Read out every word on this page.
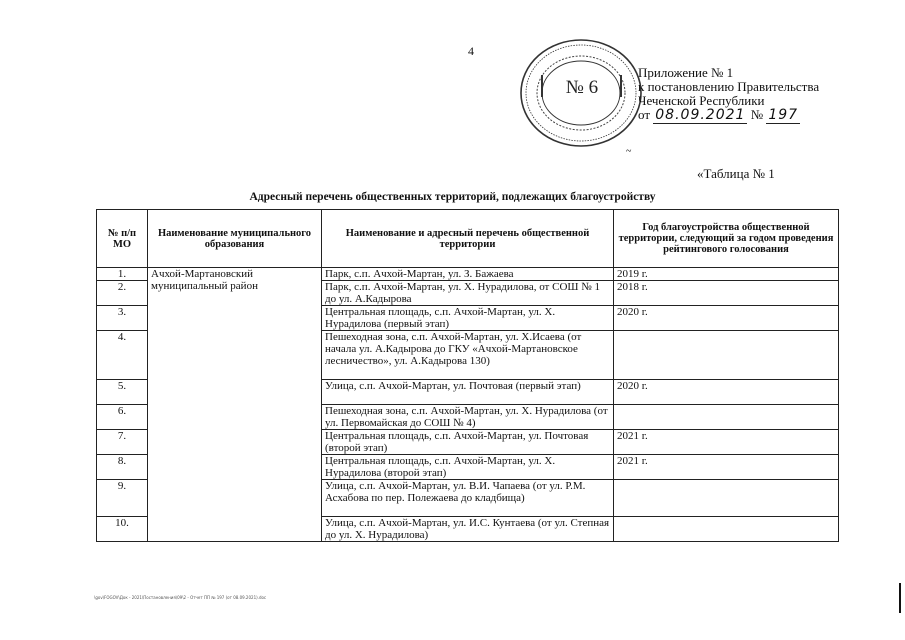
4
№ 6
Приложение № 1
к постановлению Правительства
Чеченской Республики
от 08.09.2021 № 197
~
«Таблица № 1
Адресный перечень общественных территорий, подлежащих благоустройству
№ п/п МО	Наименование муниципального образования	Наименование и адресный перечень общественной территории	Год благоустройства общественной территории, следующий за годом проведения рейтингового голосования
1.	Ачхой-Мартановский муниципальный район	Парк, с.п. Ачхой-Мартан, ул. З. Бажаева	2019 г.
2.		Парк, с.п. Ачхой-Мартан, ул. Х. Нурадилова, от СОШ № 1 до ул. А.Кадырова	2018 г.
3.		Центральная площадь, с.п. Ачхой-Мартан, ул. Х. Нурадилова (первый этап)	2020 г.
4.		Пешеходная зона, с.п. Ачхой-Мартан, ул. Х.Исаева (от начала ул. А.Кадырова до ГКУ «Ачхой-Мартановское лесничество», ул. А.Кадырова 130)	
5.		Улица, с.п. Ачхой-Мартан, ул. Почтовая (первый этап)	2020 г.
6.		Пешеходная зона, с.п. Ачхой-Мартан, ул. Х. Нурадилова (от ул. Первомайская до СОШ № 4)	
7.		Центральная площадь, с.п. Ачхой-Мартан, ул. Почтовая (второй этап)	2021 г.
8.		Центральная площадь, с.п. Ачхой-Мартан, ул. Х. Нурадилова (второй этап)	2021 г.
9.		Улица, с.п. Ачхой-Мартан, ул. В.И. Чапаева (от ул. Р.М. Асхабова по пер. Полежаева до кладбища)	
10.		Улица, с.п. Ачхой-Мартан, ул. И.С. Кунтаева (от ул. Степная до ул. Х. Нурадилова)	
\gov\FOGOV\Док - 2021\Постановления\09\2 - Отчет ПП № 197 (от 08.09.2021).doc
